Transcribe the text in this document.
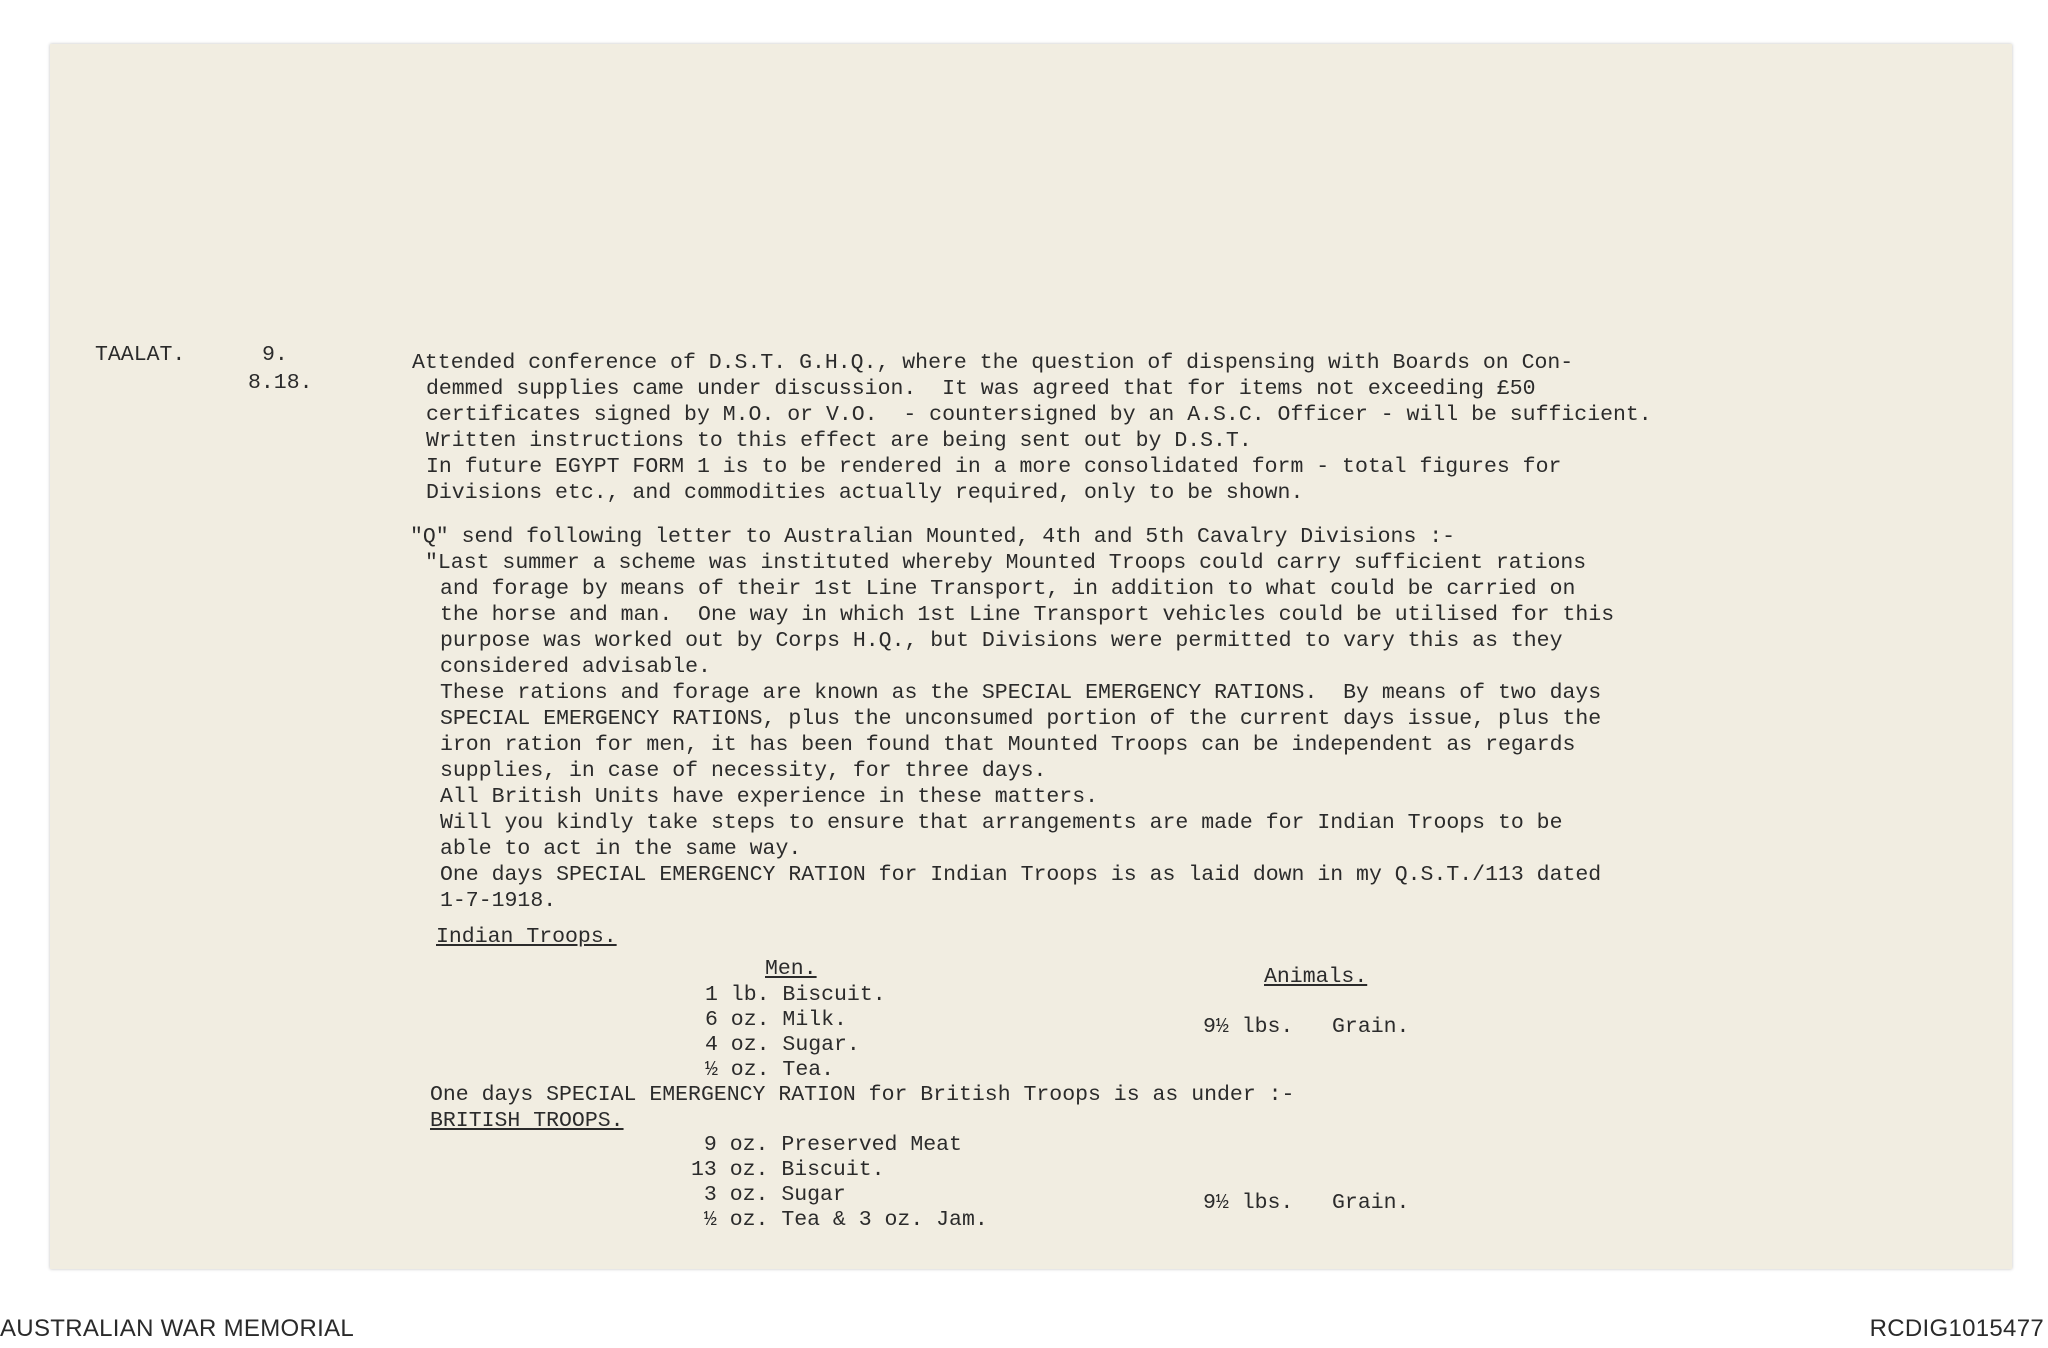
TAALAT.	9.

8.18.

Attended conference of D.S.T. G.H.Q., where the question of dispensing with Boards on Con-

demmed supplies came under discussion.  It was agreed that for items not exceeding £50

certificates signed by M.O. or V.O.  - countersigned by an A.S.C. Officer - will be sufficient.

Written instructions to this effect are being sent out by D.S.T.

In future EGYPT FORM 1 is to be rendered in a more consolidated form - total figures for

Divisions etc., and commodities actually required, only to be shown.

"Q" send following letter to Australian Mounted, 4th and 5th Cavalry Divisions :-

"Last summer a scheme was instituted whereby Mounted Troops could carry sufficient rations

and forage by means of their 1st Line Transport, in addition to what could be carried on

the horse and man.  One way in which 1st Line Transport vehicles could be utilised for this

purpose was worked out by Corps H.Q., but Divisions were permitted to vary this as they

considered advisable.

These rations and forage are known as the SPECIAL EMERGENCY RATIONS.  By means of two days

SPECIAL EMERGENCY RATIONS, plus the unconsumed portion of the current days issue, plus the

iron ration for men, it has been found that Mounted Troops can be independent as regards

supplies, in case of necessity, for three days.

All British Units have experience in these matters.

Will you kindly take steps to ensure that arrangements are made for Indian Troops to be

able to act in the same way.

One days SPECIAL EMERGENCY RATION for Indian Troops is as laid down in my Q.S.T./113 dated

1-7-1918.

Indian Troops.

Men.	Animals.

1 lb. Biscuit.

6 oz. Milk.

4 oz. Sugar.

½ oz. Tea.

9½ lbs.   Grain.

One days SPECIAL EMERGENCY RATION for British Troops is as under :-

BRITISH TROOPS.

9 oz. Preserved Meat

13 oz. Biscuit.

3 oz. Sugar

½ oz. Tea & 3 oz. Jam.

9½ lbs.   Grain.

AUSTRALIAN WAR MEMORIAL	RCDIG1015477
